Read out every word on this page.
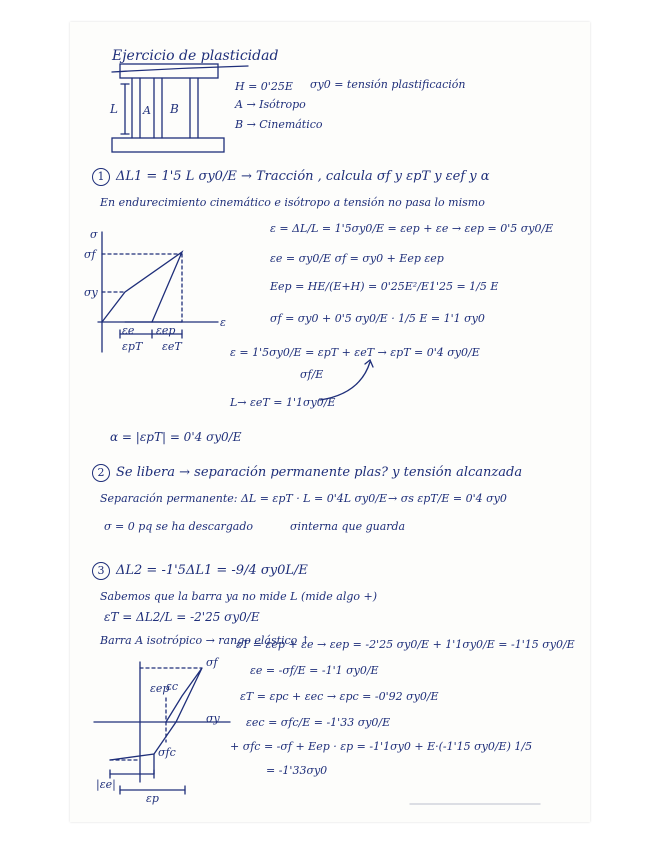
Ejercicio de plasticidad
H = 0'25E σy0 = tensión plastificación
A → Isótropo
B → Cinemático
L A B
1 ΔL1 = 1'5 L σy0/E → Tracción , calcula σf y εpT y εef y α
En endurecimiento cinemático e isótropo a tensión no pasa lo mismo
ε = ΔL/L = 1'5σy0/E = εep + εe → εep = 0'5 σy0/E
εe = σy0/E σf = σy0 + Eep εep
Eep = HE/(E+H) = 0'25E²/E1'25 = 1/5 E
σf = σy0 + 0'5 σy0/E · 1/5 E = 1'1 σy0
ε = 1'5σy0/E = εpT + εeT → εpT = 0'4 σy0/E
σf/E
L→ εeT = 1'1σy0/E
α = |εpT| = 0'4 σy0/E
σ
σf
σy
ε
εe εep
εpT εeT
2 Se libera → separación permanente plas? y tensión alcanzada
Separación permanente: ΔL = εpT · L = 0'4L σy0/E → σs εpT/E = 0'4 σy0
σ = 0 pq se ha descargado	σinterna que guarda
3 ΔL2 = -1'5ΔL1 = -9/4 σy0L/E
Sabemos que la barra ya no mide L (mide algo +)
εT = ΔL2/L = -2'25 σy0/E
Barra A isotrópico → rango elástico ↑
εT = εep + εe → εep = -2'25 σy0/E + 1'1σy0/E = -1'15 σy0/E
εe = -σf/E = -1'1 σy0/E
εT = εpc + εec → εpc = -0'92 σy0/E
εec = σfc/E = -1'33 σy0/E
+ σfc = -σf + Eep · εp = -1'1σy0 + E·(-1'15 σy0/E) 1/5
= -1'33σy0
σf
σy
σfc
εep
εc
|εe|
εp
